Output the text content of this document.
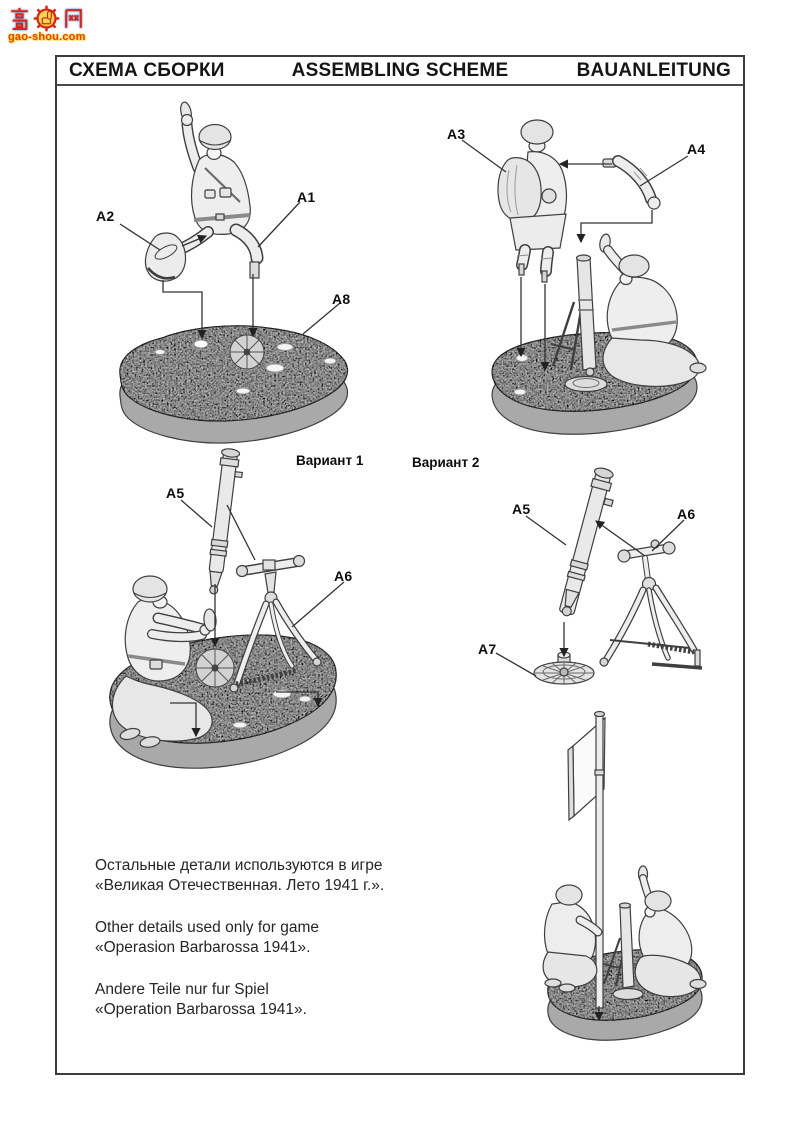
gao-shou.com
СХЕМА СБОРКИ	ASSEMBLING SCHEME	BAUANLEITUNG
A2
A1
A8
A3
A4
Вариант 1
A5
A6
Вариант 2
A5	A6
A7
Остальные детали используются в игре
«Великая Отечественная. Лето 1941 г.».
Other details used only for game
«Operasion Barbarossa 1941».
Andere Teile nur fur Spiel
«Operation Barbarossa 1941».
